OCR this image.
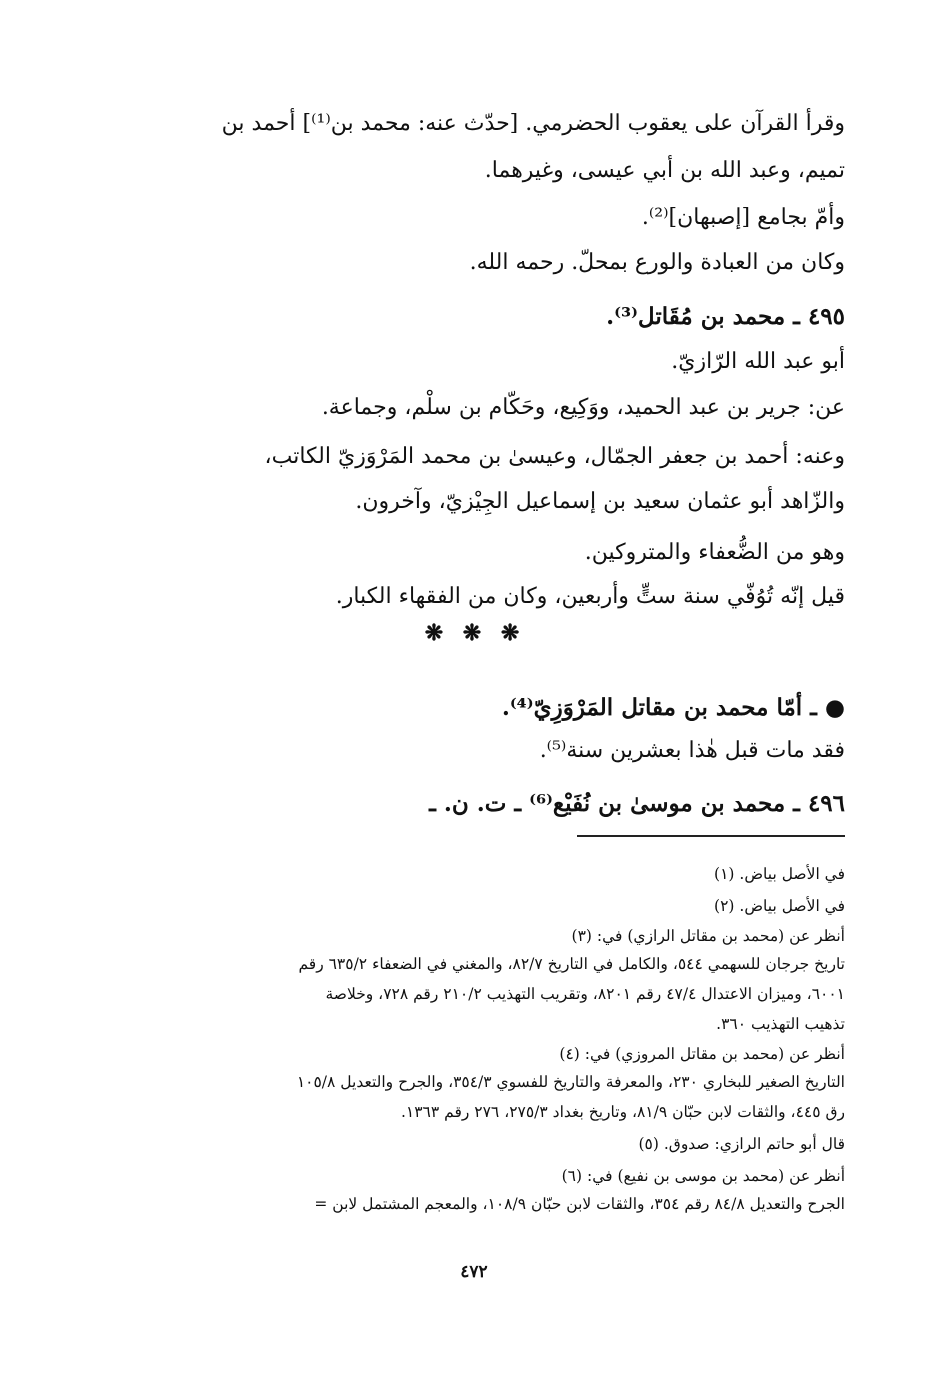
وقرأ القرآن على يعقوب الحضرمي. [حدّث عنه: محمد بن⁽¹⁾] أحمد بن
تميم، وعبد الله بن أبي عيسى، وغيرهما.
وأمّ بجامع [إصبهان]⁽²⁾.
وكان من العبادة والورع بمحلّ. رحمه الله.
٤٩٥ ـ محمد بن مُقَاتل⁽³⁾.
أبو عبد الله الرّازيّ.
عن: جرير بن عبد الحميد، ووَكِيع، وحَكّام بن سلْم، وجماعة.
وعنه: أحمد بن جعفر الجمّال، وعيسىٰ بن محمد المَرْوَزيّ الكاتب،
والزّاهد أبو عثمان سعيد بن إسماعيل الجِيْزيّ، وآخرون.
وهو من الضُّعفاء والمتروكين.
قيل إنّه تُوُفّي سنة ستٍّ وأربعين، وكان من الفقهاء الكبار.
● ـ أمّا محمد بن مقاتل المَرْوَزِيّ⁽⁴⁾.
فقد مات قبل هٰذا بعشرين سنة⁽⁵⁾.
٤٩٦ ـ محمد بن موسىٰ بن نُفَيْع⁽⁶⁾ ـ ت. ن. ـ
❋ ❋ ❋
في الأصل بياض. (١)
في الأصل بياض. (٢)
أنظر عن (محمد بن مقاتل الرازي) في: (٣)
تاريخ جرجان للسهمي ٥٤٤، والكامل في التاريخ ٨٢/٧، والمغني في الضعفاء ٦٣٥/٢ رقم
٦٠٠١، وميزان الاعتدال ٤٧/٤ رقم ٨٢٠١، وتقريب التهذيب ٢١٠/٢ رقم ٧٢٨، وخلاصة
تذهيب التهذيب ٣٦٠.
أنظر عن (محمد بن مقاتل المروزي) في: (٤)
التاريخ الصغير للبخاري ٢٣٠، والمعرفة والتاريخ للفسوي ٣٥٤/٣، والجرح والتعديل ١٠٥/٨
رق ٤٤٥، والثقات لابن حبّان ٨١/٩، وتاريخ بغداد ٢٧٥/٣، ٢٧٦ رقم ١٣٦٣.
قال أبو حاتم الرازي: صدوق. (٥)
أنظر عن (محمد بن موسى بن نفيع) في: (٦)
الجرح والتعديل ٨٤/٨ رقم ٣٥٤، والثقات لابن حبّان ١٠٨/٩، والمعجم المشتمل لابن =
٤٧٢
